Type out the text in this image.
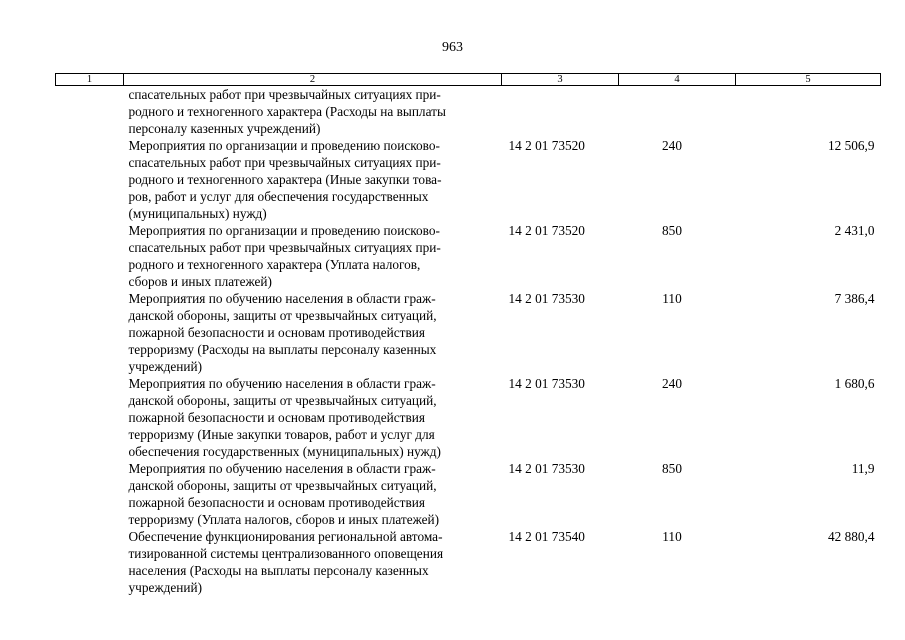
963
1	2	3	4	5

	спасательных работ при чрезвычайных ситуациях при-
родного и техногенного характера (Расходы на выплаты
персоналу казенных учреждений)			

	Мероприятия по организации и проведению поисково-
спасательных работ при чрезвычайных ситуациях при-
родного и техногенного характера (Иные закупки това-
ров, работ и услуг для обеспечения государственных
(муниципальных) нужд)	14 2 01 73520	240	12 506,9

	Мероприятия по организации и проведению поисково-
спасательных работ при чрезвычайных ситуациях при-
родного и техногенного характера (Уплата налогов,
сборов и иных платежей)	14 2 01 73520	850	2 431,0

	Мероприятия по обучению населения в области граж-
данской обороны, защиты от чрезвычайных ситуаций,
пожарной безопасности и основам противодействия
терроризму (Расходы на выплаты персоналу казенных
учреждений)	14 2 01 73530	110	7 386,4

	Мероприятия по обучению населения в области граж-
данской обороны, защиты от чрезвычайных ситуаций,
пожарной безопасности и основам противодействия
терроризму (Иные закупки товаров, работ и услуг для
обеспечения государственных (муниципальных) нужд)	14 2 01 73530	240	1 680,6

	Мероприятия по обучению населения в области граж-
данской обороны, защиты от чрезвычайных ситуаций,
пожарной безопасности и основам противодействия
терроризму (Уплата налогов, сборов и иных платежей)	14 2 01 73530	850	11,9

	Обеспечение функционирования региональной автома-
тизированной системы централизованного оповещения
населения (Расходы на выплаты персоналу казенных
учреждений)	14 2 01 73540	110	42 880,4
